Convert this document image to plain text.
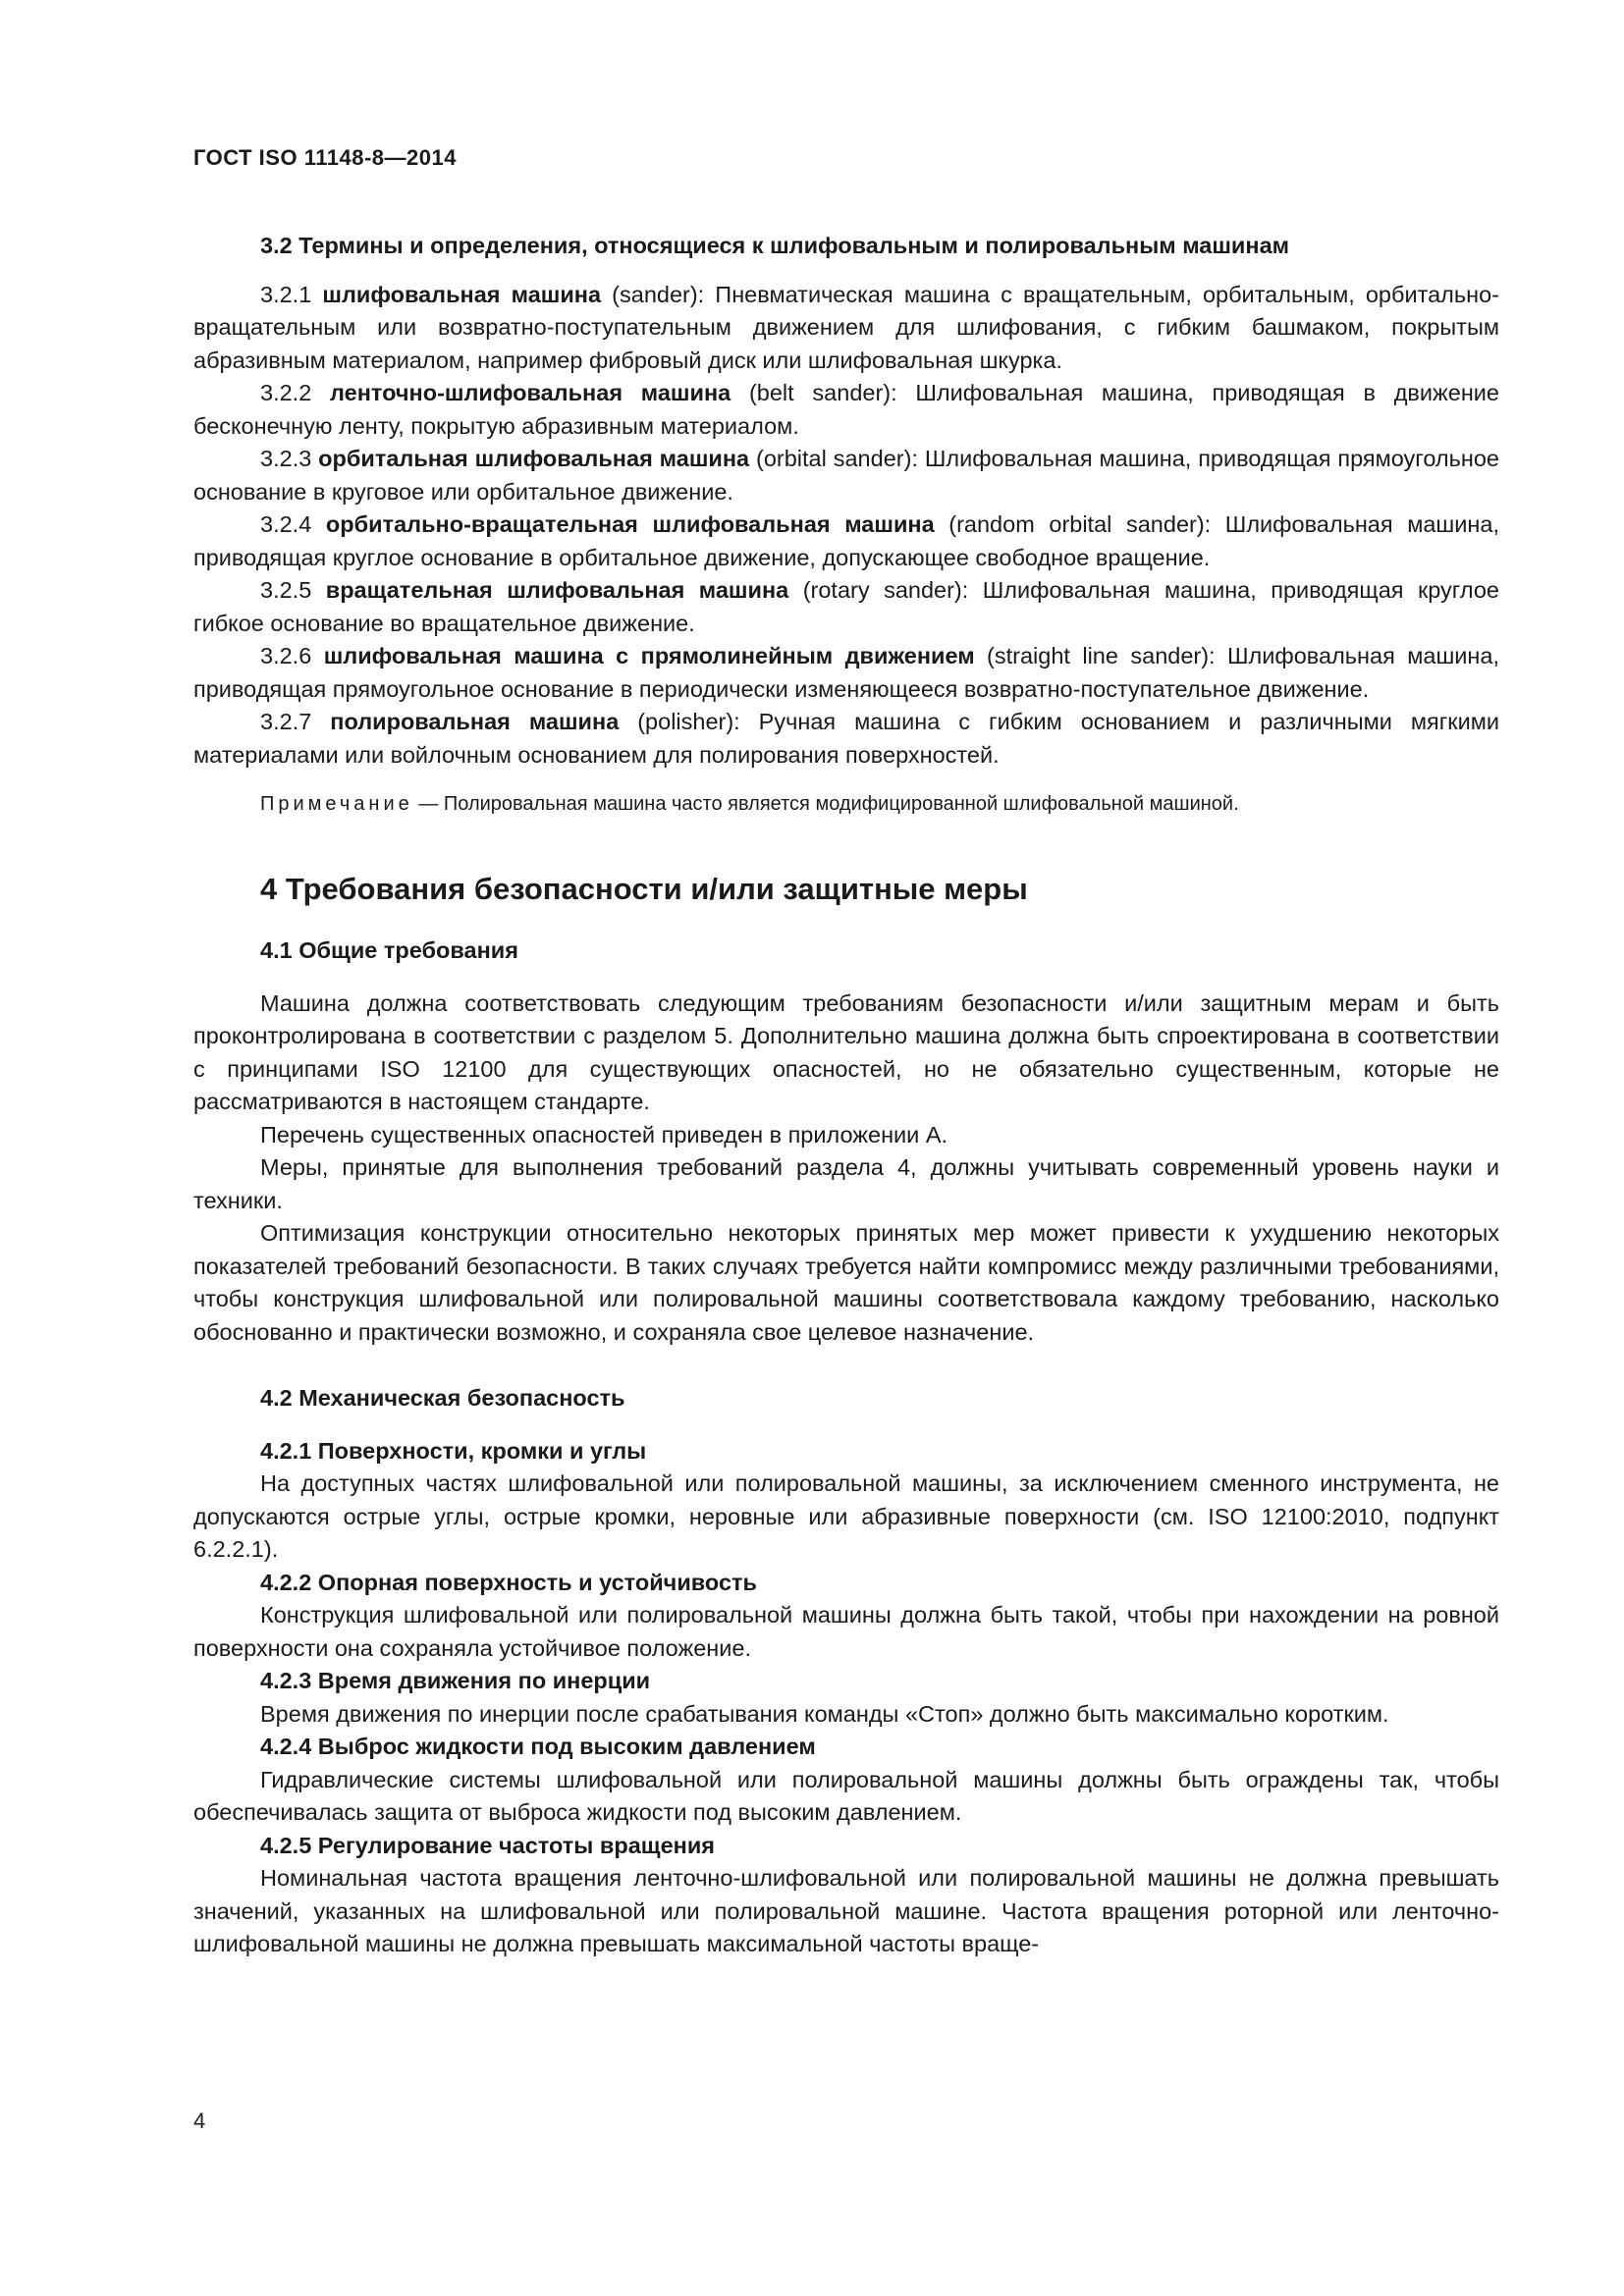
ГОСТ ISO 11148-8—2014
3.2 Термины и определения, относящиеся к шлифовальным и полировальным машинам

3.2.1 шлифовальная машина (sander): Пневматическая машина с вращательным, орбитальным, орбитально-вращательным или возвратно-поступательным движением для шлифования, с гибким башмаком, покрытым абразивным материалом, например фибровый диск или шлифовальная шкурка.

3.2.2 ленточно-шлифовальная машина (belt sander): Шлифовальная машина, приводящая в движение бесконечную ленту, покрытую абразивным материалом.

3.2.3 орбитальная шлифовальная машина (orbital sander): Шлифовальная машина, приводящая прямоугольное основание в круговое или орбитальное движение.

3.2.4 орбитально-вращательная шлифовальная машина (random orbital sander): Шлифовальная машина, приводящая круглое основание в орбитальное движение, допускающее свободное вращение.

3.2.5 вращательная шлифовальная машина (rotary sander): Шлифовальная машина, приводящая круглое гибкое основание во вращательное движение.

3.2.6 шлифовальная машина с прямолинейным движением (straight line sander): Шлифовальная машина, приводящая прямоугольное основание в периодически изменяющееся возвратно-поступательное движение.

3.2.7 полировальная машина (polisher): Ручная машина с гибким основанием и различными мягкими материалами или войлочным основанием для полирования поверхностей.

Примечание — Полировальная машина часто является модифицированной шлифовальной машиной.

4 Требования безопасности и/или защитные меры
4.1 Общие требования

Машина должна соответствовать следующим требованиям безопасности и/или защитным мерам и быть проконтролирована в соответствии с разделом 5. Дополнительно машина должна быть спроектирована в соответствии с принципами ISO 12100 для существующих опасностей, но не обязательно существенным, которые не рассматриваются в настоящем стандарте.

Перечень существенных опасностей приведен в приложении А.

Меры, принятые для выполнения требований раздела 4, должны учитывать современный уровень науки и техники.

Оптимизация конструкции относительно некоторых принятых мер может привести к ухудшению некоторых показателей требований безопасности. В таких случаях требуется найти компромисс между различными требованиями, чтобы конструкция шлифовальной или полировальной машины соответствовала каждому требованию, насколько обоснованно и практически возможно, и сохраняла свое целевое назначение.

4.2 Механическая безопасность
4.2.1 Поверхности, кромки и углы

На доступных частях шлифовальной или полировальной машины, за исключением сменного инструмента, не допускаются острые углы, острые кромки, неровные или абразивные поверхности (см. ISO 12100:2010, подпункт 6.2.2.1).

4.2.2 Опорная поверхность и устойчивость

Конструкция шлифовальной или полировальной машины должна быть такой, чтобы при нахождении на ровной поверхности она сохраняла устойчивое положение.

4.2.3 Время движения по инерции

Время движения по инерции после срабатывания команды «Стоп» должно быть максимально коротким.

4.2.4 Выброс жидкости под высоким давлением

Гидравлические системы шлифовальной или полировальной машины должны быть ограждены так, чтобы обеспечивалась защита от выброса жидкости под высоким давлением.

4.2.5 Регулирование частоты вращения

Номинальная частота вращения ленточно-шлифовальной или полировальной машины не должна превышать значений, указанных на шлифовальной или полировальной машине. Частота вращения роторной или ленточно-шлифовальной машины не должна превышать максимальной частоты враще-

4
